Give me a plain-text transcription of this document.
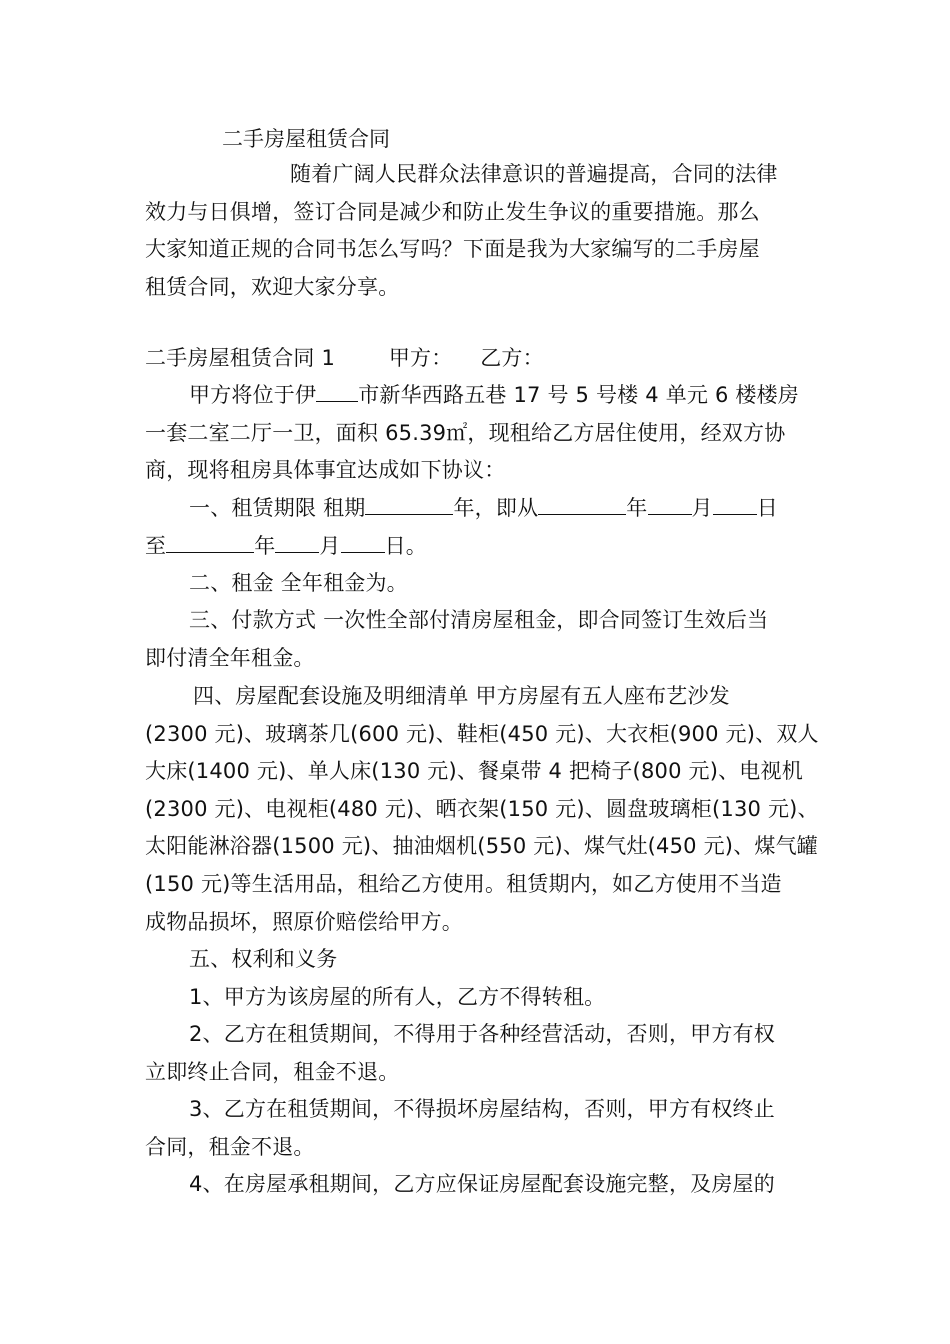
二手房屋租赁合同
随着广阔人民群众法律意识的普遍提高，合同的法律
效力与日俱增，签订合同是减少和防止发生争议的重要措施。那么
大家知道正规的合同书怎么写吗？下面是我为大家编写的二手房屋
租赁合同，欢迎大家分享。
二手房屋租赁合同 1	甲方： 乙方：
甲方将位于伊 市新华西路五巷 17 号 5 号楼 4 单元 6 楼楼房
一套二室二厅一卫，面积 65.39㎡，现租给乙方居住使用，经双方协
商，现将租房具体事宜达成如下协议：
一、租赁期限 租期	年，即从	年 月 日
至	年 月 日。
二、租金 全年租金为。
三、付款方式 一次性全部付清房屋租金，即合同签订生效后当
即付清全年租金。
四、房屋配套设施及明细清单 甲方房屋有五人座布艺沙发
(2300 元)、玻璃茶几(600 元)、鞋柜(450 元)、大衣柜(900 元)、双人
大床(1400 元)、单人床(130 元)、餐桌带 4 把椅子(800 元)、电视机
(2300 元)、电视柜(480 元)、晒衣架(150 元)、圆盘玻璃柜(130 元)、
太阳能淋浴器(1500 元)、抽油烟机(550 元)、煤气灶(450 元)、煤气罐
(150 元)等生活用品，租给乙方使用。租赁期内，如乙方使用不当造
成物品损坏，照原价赔偿给甲方。
五、权利和义务
1、甲方为该房屋的所有人，乙方不得转租。
2、乙方在租赁期间，不得用于各种经营活动，否则，甲方有权
立即终止合同，租金不退。
3、乙方在租赁期间，不得损坏房屋结构，否则，甲方有权终止
合同，租金不退。
4、在房屋承租期间，乙方应保证房屋配套设施完整，及房屋的
